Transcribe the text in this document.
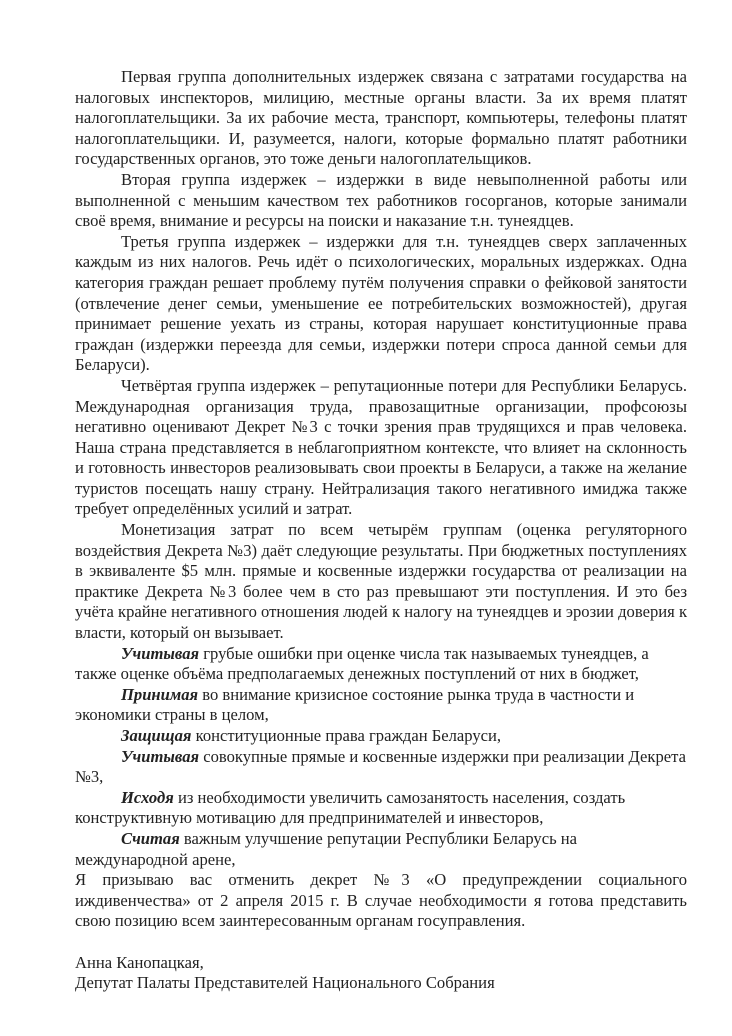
Первая группа дополнительных издержек связана с затратами государства на налоговых инспекторов, милицию, местные органы власти. За их время платят налогоплательщики. За их рабочие места, транспорт, компьютеры, телефоны платят налогоплательщики. И, разумеется, налоги, которые формально платят работники государственных органов, это тоже деньги налогоплательщиков.

Вторая группа издержек – издержки в виде невыполненной работы или выполненной с меньшим качеством тех работников госорганов, которые занимали своё время, внимание и ресурсы на поиски и наказание т.н. тунеядцев.

Третья группа издержек – издержки для т.н. тунеядцев сверх заплаченных каждым из них налогов. Речь идёт о психологических, моральных издержках. Одна категория граждан решает проблему путём получения справки о фейковой занятости (отвлечение денег семьи, уменьшение ее потребительских возможностей), другая принимает решение уехать из страны, которая нарушает конституционные права граждан (издержки переезда для семьи, издержки потери спроса данной семьи для Беларуси).

Четвёртая группа издержек – репутационные потери для Республики Беларусь. Международная организация труда, правозащитные организации, профсоюзы негативно оценивают Декрет №3 с точки зрения прав трудящихся и прав человека. Наша страна представляется в неблагоприятном контексте, что влияет на склонность и готовность инвесторов реализовывать свои проекты в Беларуси, а также на желание туристов посещать нашу страну. Нейтрализация такого негативного имиджа также требует определённых усилий и затрат.

Монетизация затрат по всем четырём группам (оценка регуляторного воздействия Декрета №3) даёт следующие результаты. При бюджетных поступлениях в эквиваленте $5 млн. прямые и косвенные издержки государства от реализации на практике Декрета №3 более чем в сто раз превышают эти поступления. И это без учёта крайне негативного отношения людей к налогу на тунеядцев и эрозии доверия к власти, который он вызывает.

Учитывая грубые ошибки при оценке числа так называемых тунеядцев, а также оценке объёма предполагаемых денежных поступлений от них в бюджет,

Принимая во внимание кризисное состояние рынка труда в частности и экономики страны в целом,

Защищая конституционные права граждан Беларуси,

Учитывая совокупные прямые и косвенные издержки при реализации Декрета №3,

Исходя из необходимости увеличить самозанятость населения, создать конструктивную мотивацию для предпринимателей и инвесторов,

Считая важным улучшение репутации Республики Беларусь на международной арене,

Я призываю вас отменить декрет №3 «О предупреждении социального иждивенчества» от 2 апреля 2015 г. В случае необходимости я готова представить свою позицию всем заинтересованным органам госуправления.

Анна Канопацкая,
Депутат Палаты Представителей Национального Собрания
